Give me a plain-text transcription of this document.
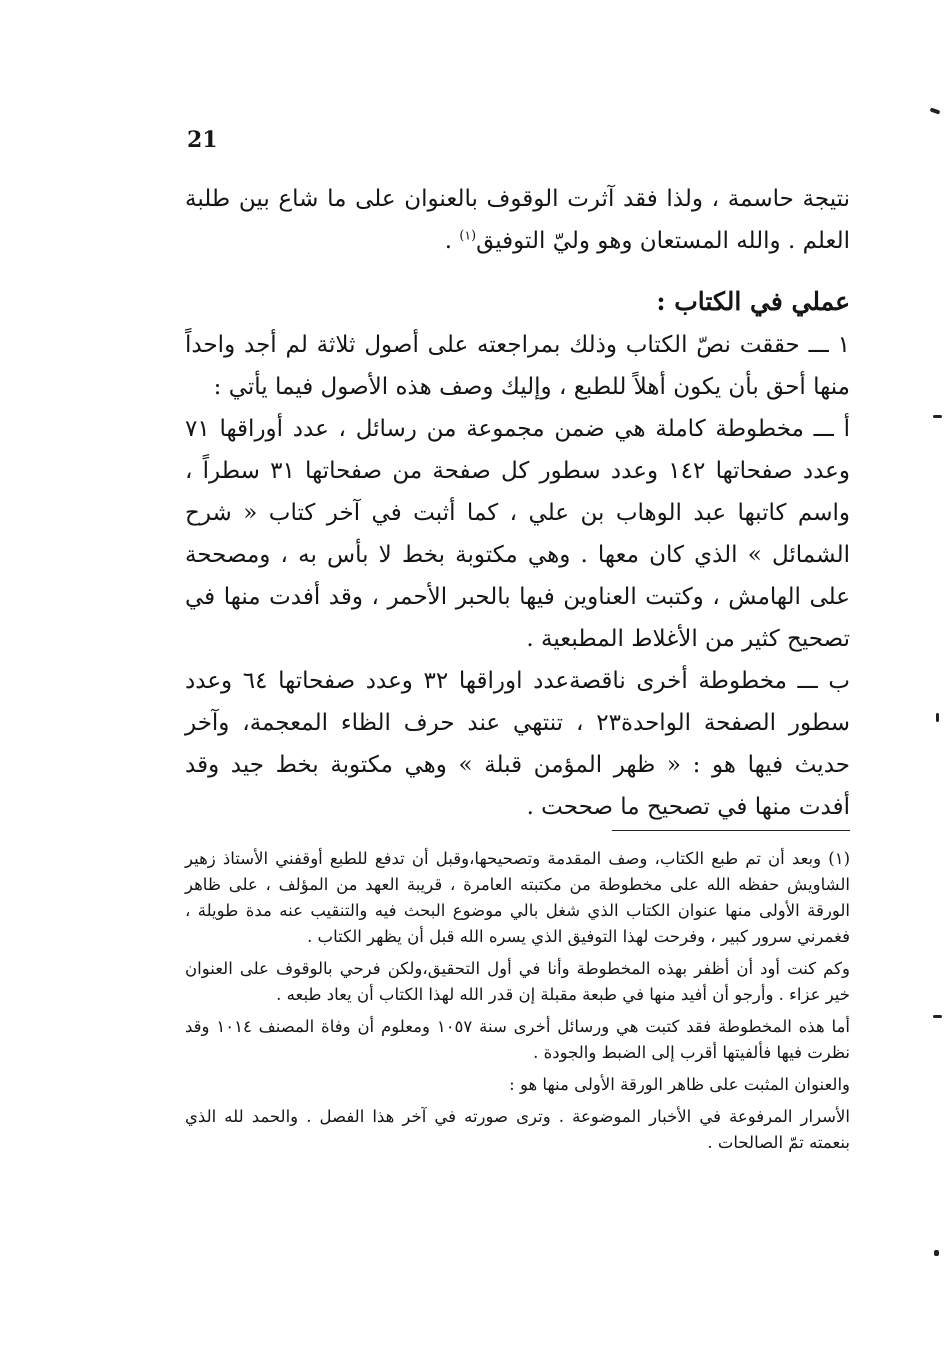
21

نتيجة حاسمة ، ولذا فقد آثرت الوقوف بالعنوان على ما شاع بين طلبة العلم . والله المستعان وهو وليّ التوفيق$^{(١)}$ .

عملي في الكتاب :

١ ـــ حققت نصّ الكتاب وذلك بمراجعته على أصول ثلاثة لم أجد واحداً منها أحق بأن يكون أهلاً للطبع ، وإليك وصف هذه الأصول فيما يأتي :

أ ـــ مخطوطة كاملة هي ضمن مجموعة من رسائل ، عدد أوراقها ٧١ وعدد صفحاتها ١٤٢ وعدد سطور كل صفحة من صفحاتها ٣١ سطراً ، واسم كاتبها عبد الوهاب بن علي ، كما أثبت في آخر كتاب « شرح الشمائل » الذي كان معها . وهي مكتوبة بخط لا بأس به ، ومصححة على الهامش ، وكتبت العناوين فيها بالحبر الأحمر ، وقد أفدت منها في تصحيح كثير من الأغلاط المطبعية .

ب ـــ مخطوطة أخرى ناقصةعدد اوراقها ٣٢ وعدد صفحاتها ٦٤ وعدد سطور الصفحة الواحدة٢٣ ، تنتهي عند حرف الظاء المعجمة، وآخر حديث فيها هو : « ظهر المؤمن قبلة » وهي مكتوبة بخط جيد وقد أفدت منها في تصحيح ما صححت .

(١) وبعد أن تم طبع الكتاب، وصف المقدمة وتصحيحها،وقبل أن تدفع للطبع أوقفني الأستاذ زهير الشاويش حفظه الله على مخطوطة من مكتبته العامرة ، قريبة العهد من المؤلف ، على ظاهر الورقة الأولى منها عنوان الكتاب الذي شغل بالي موضوع البحث فيه والتنقيب عنه مدة طويلة ، فغمرني سرور كبير ، وفرحت لهذا التوفيق الذي يسره الله قبل أن يظهر الكتاب .

وكم كنت أود أن أظفر بهذه المخطوطة وأنا في أول التحقيق،ولكن فرحي بالوقوف على العنوان خير عزاء . وأرجو أن أفيد منها في طبعة مقبلة إن قدر الله لهذا الكتاب أن يعاد طبعه .

أما هذه المخطوطة فقد كتبت هي ورسائل أخرى سنة ١٠٥٧ ومعلوم أن وفاة المصنف ١٠١٤ وقد نظرت فيها فألفيتها أقرب إلى الضبط والجودة .

والعنوان المثبت على ظاهر الورقة الأولى منها هو :

الأسرار المرفوعة في الأخبار الموضوعة . وترى صورته في آخر هذا الفصل . والحمد لله الذي بنعمته تمّ الصالحات .
